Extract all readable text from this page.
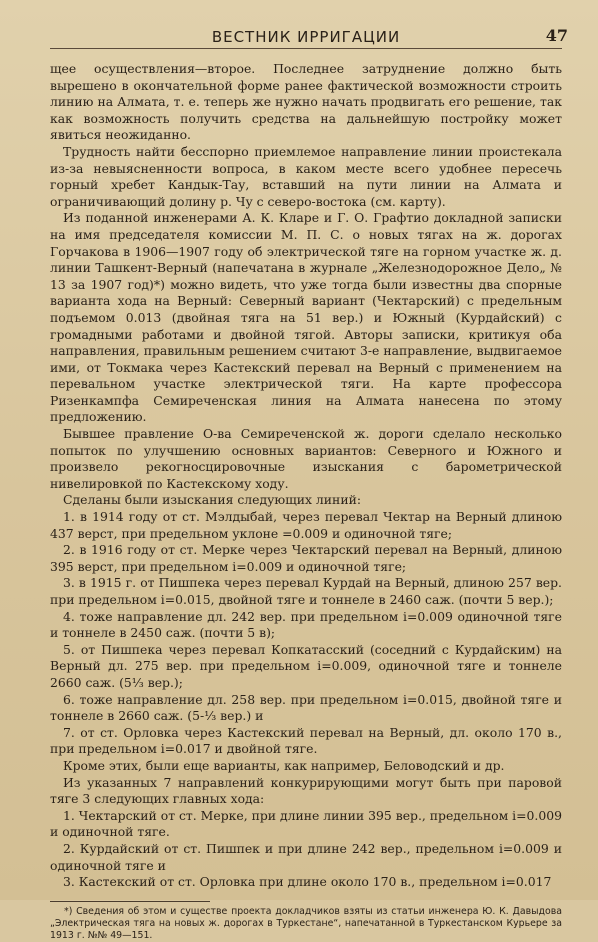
ВЕСТНИК ИРРИГАЦИИ	47

щее осуществления—второе. Последнее затруднение должно быть вырешено в окончательной форме ранее фактической возможности строить линию на Алмата, т. е. теперь же нужно начать продвигать его решение, так как возможность получить средства на дальнейшую постройку может явиться неожиданно.

Трудность найти бесспорно приемлемое направление линии проистекала из-за невыясненности вопроса, в каком месте всего удобнее пересечь горный хребет Кандык-Тау, вставший на пути линии на Алмата и ограничивающий долину р. Чу с северо-востока (см. карту).

Из поданной инженерами А. К. Кларе и Г. О. Графтио докладной записки на имя председателя комиссии М. П. С. о новых тягах на ж. дорогах Горчакова в 1906—1907 году об электрической тяге на горном участке ж. д. линии Ташкент-Верный (напечатана в журнале „Железнодорожное Дело„ № 13 за 1907 год)*) можно видеть, что уже тогда были известны два спорные варианта хода на Верный: Северный вариант (Чектарский) с предельным подъемом 0.013 (двойная тяга на 51 вер.) и Южный (Курдайский) с громадными работами и двойной тягой. Авторы записки, критикуя оба направления, правильным решением считают 3-е направление, выдвигаемое ими, от Токмака через Кастекский перевал на Верный с применением на перевальном участке электрической тяги. На карте профессора Ризенкампфа Семиреченская линия на Алмата нанесена по этому предложению.

Бывшее правление О-ва Семиреченской ж. дороги сделало несколько попыток по улучшению основных вариантов: Северного и Южного и произвело рекогносцировочные изыскания с барометрической нивелировкой по Кастекскому ходу.

Сделаны были изыскания следующих линий:

1. в 1914 году от ст. Мэлдыбай, через перевал Чектар на Верный длиною 437 верст, при предельном уклоне =0.009 и одиночной тяге;

2. в 1916 году от ст. Мерке через Чектарский перевал на Верный, длиною 395 верст, при предельном i=0.009 и одиночной тяге;

3. в 1915 г. от Пишпека через перевал Курдай на Верный, длиною 257 вер. при предельном i=0.015, двойной тяге и тоннеле в 2460 саж. (почти 5 вер.);

4. тоже направление дл. 242 вер. при предельном i=0.009 одиночной тяге и тоннеле в 2450 саж. (почти 5 в);

5. от Пишпека через перевал Копкатасский (соседний с Курдайским) на Верный дл. 275 вер. при предельном i=0.009, одиночной тяге и тоннеле 2660 саж. (5⅓ вер.);

6. тоже направление дл. 258 вер. при предельном i=0.015, двойной тяге и тоннеле в 2660 саж. (5-⅓ вер.) и

7. от ст. Орловка через Кастекский перевал на Верный, дл. около 170 в., при предельном i=0.017 и двойной тяге.

Кроме этих, были еще варианты, как например, Беловодский и др.

Из указанных 7 направлений конкурирующими могут быть при паровой тяге 3 следующих главных хода:

1. Чектарский от ст. Мерке, при длине линии 395 вер., предельном i=0.009 и одиночной тяге.

2. Курдайский от ст. Пишпек и при длине 242 вер., предельном i=0.009 и одиночной тяге и

3. Кастекский от ст. Орловка при длине около 170 в., предельном i=0.017

*) Сведения об этом и существе проекта докладчиков взяты из статьи инженера Ю. К. Давыдова „Электрическая тяга на новых ж. дорогах в Туркестане“, напечатанной в Туркестанском Курьере за 1913 г. №№ 49—151.
